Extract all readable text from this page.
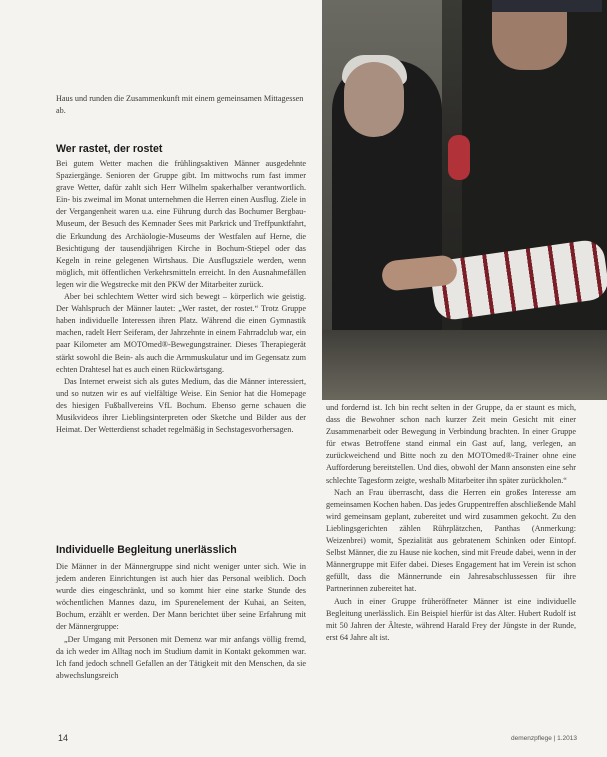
Haus und runden die Zusammenkunft mit einem gemeinsamen Mittagessen ab.
Wer rastet, der rostet

Bei gutem Wetter machen die frühlingsaktiven Männer ausgedehnte Spaziergänge. Senioren der Gruppe gibt. Im mittwochs rum fast immer grave Wetter, dafür zahlt sich Herr Wilhelm spakerhalber verantwortlich. Ein- bis zweimal im Monat unternehmen die Herren einen Ausflug. Ziele in der Vergangenheit waren u.a. eine Führung durch das Bochumer Bergbau-Museum, der Besuch des Kemnader Sees mit Parkrick und Treffpunktfahrt, die Erkundung des Archäologie-Museums der Westfalen auf Herne, die Besichtigung der tausendjährigen Kirche in Bochum-Stiepel oder das Kegeln in reine gelegenen Wirtshaus. Die Ausflugsziele werden, wenn möglich, mit öffentlichen Verkehrsmitteln erreicht. In den Ausnahmefällen legen wir die Wegstrecke mit den PKW der Mitarbeiter zurück.

Aber bei schlechtem Wetter wird sich bewegt – körperlich wie geistig. Der Wahlspruch der Männer lautet: „Wer rastet, der rostet.“ Trotz Gruppe haben individuelle Interessen ihren Platz. Während die einen Gymnastik machen, radelt Herr Seiferam, der Jahrzehnte in einem Fahrradclub war, ein paar Kilometer am MOTOmed®-Bewegungstrainer. Dieses Therapiegerät stärkt sowohl die Bein- als auch die Armmuskulatur und im Gegensatz zum echten Drahtesel hat es auch einen Rückwärtsgang.

Das Internet erweist sich als gutes Medium, das die Männer interessiert, und so nutzen wir es auf vielfältige Weise. Ein Senior hat die Homepage des hiesigen Fußballvereins VfL Bochum. Ebenso gerne schauen die Musikvideos ihrer Lieblingsinterpreten oder Sketche und Bilder aus der Heimat. Der Wetterdienst schadet regelmäßig in Sechstagesvorhersagen.

Individuelle Begleitung unerlässlich

Die Männer in der Männergruppe sind nicht weniger unter sich. Wie in jedem anderen Einrichtungen ist auch hier das Personal weiblich. Doch wurde dies eingeschränkt, und so kommt hier eine starke Stunde des wöchentlichen Mannes dazu, im Spurenelement der Kuhai, an Seiten, Bochum, erzählt er werden. Der Mann berichtet über seine Erfahrung mit der Männergruppe:

„Der Umgang mit Personen mit Demenz war mir anfangs völlig fremd, da ich weder im Alltag noch im Studium damit in Kontakt gekommen war. Ich fand jedoch schnell Gefallen an der Tätigkeit mit den Menschen, da sie abwechslungsreich

und fordernd ist. Ich bin recht selten in der Gruppe, da er staunt es mich, dass die Bewohner schon nach kurzer Zeit mein Gesicht mit einer Zusammenarbeit oder Bewegung in Verbindung brachten. In einer Gruppe für etwas Betroffene stand einmal ein Gast auf, lang, verlegen, an zurückweichend und Bitte noch zu den MOTOmed®-Trainer ohne eine Aufforderung bereitstellen. Und dies, obwohl der Mann ansonsten eine sehr schlechte Tagesform zeigte, weshalb Mitarbeiter ihn später zurückholen.“

Nach an Frau überrascht, dass die Herren ein großes Interesse am gemeinsamen Kochen haben. Das jedes Gruppentreffen abschließende Mahl wird gemeinsam geplant, zubereitet und wird zusammen gekocht. Zu den Lieblingsgerichten zählen Rührplätzchen, Panthas (Anmerkung: Weizenbrei) womit, Spezialität aus gebratenem Schinken oder Eintopf. Selbst Männer, die zu Hause nie kochen, sind mit Freude dabei, wenn in der Männergruppe mit Eifer dabei. Dieses Engagement hat im Verein ist schon gefüllt, dass die Männerrunde ein Jahresabschlussessen für ihre Partnerinnen zubereitet hat.

Auch in einer Gruppe früheröffneter Männer ist eine individuelle Begleitung unerlässlich. Ein Beispiel hierfür ist das Alter. Hubert Rudolf ist mit 50 Jahren der Älteste, während Harald Frey der Jüngste in der Runde, erst 64 Jahre alt ist.

14	demenzpflege | 1.2013
